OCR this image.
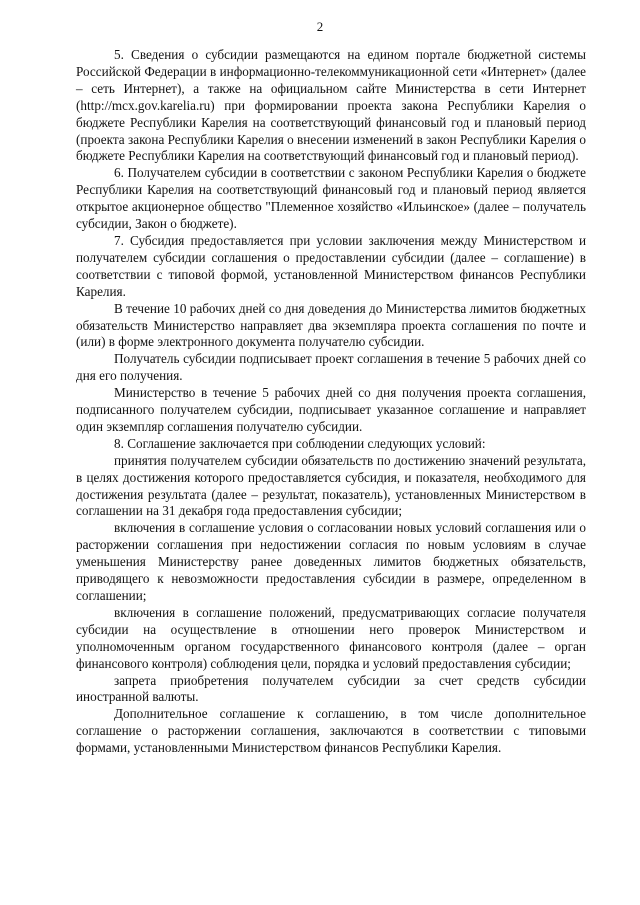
2

5. Сведения о субсидии размещаются на едином портале бюджетной системы Российской Федерации в информационно-телекоммуникационной сети «Интернет» (далее – сеть Интернет), а также на официальном сайте Министерства в сети Интернет (http://mcx.gov.karelia.ru) при формировании проекта закона Республики Карелия о бюджете Республики Карелия на соответствующий финансовый год и плановый период (проекта закона Республики Карелия о внесении изменений в закон Республики Карелия о бюджете Республики Карелия на соответствующий финансовый год и плановый период).

6. Получателем субсидии в соответствии с законом Республики Карелия о бюджете Республики Карелия на соответствующий финансовый год и плановый период является открытое акционерное общество "Племенное хозяйство «Ильинское» (далее – получатель субсидии, Закон о бюджете).

7. Субсидия предоставляется при условии заключения между Министерством и получателем субсидии соглашения о предоставлении субсидии (далее – соглашение) в соответствии с типовой формой, установленной Министерством финансов Республики Карелия.

В течение 10 рабочих дней со дня доведения до Министерства лимитов бюджетных обязательств Министерство направляет два экземпляра проекта соглашения по почте и (или) в форме электронного документа получателю субсидии.

Получатель субсидии подписывает проект соглашения в течение 5 рабочих дней со дня его получения.

Министерство в течение 5 рабочих дней со дня получения проекта соглашения, подписанного получателем субсидии, подписывает указанное соглашение и направляет один экземпляр соглашения получателю субсидии.

8. Соглашение заключается при соблюдении следующих условий:

принятия получателем субсидии обязательств по достижению значений результата, в целях достижения которого предоставляется субсидия, и показателя, необходимого для достижения результата (далее – результат, показатель), установленных Министерством в соглашении на 31 декабря года предоставления субсидии;

включения в соглашение условия о согласовании новых условий соглашения или о расторжении соглашения при недостижении согласия по новым условиям в случае уменьшения Министерству ранее доведенных лимитов бюджетных обязательств, приводящего к невозможности предоставления субсидии в размере, определенном в соглашении;

включения в соглашение положений, предусматривающих согласие получателя субсидии на осуществление в отношении него проверок Министерством и уполномоченным органом государственного финансового контроля (далее – орган финансового контроля) соблюдения цели, порядка и условий предоставления субсидии;

запрета приобретения получателем субсидии за счет средств субсидии иностранной валюты.

Дополнительное соглашение к соглашению, в том числе дополнительное соглашение о расторжении соглашения, заключаются в соответствии с типовыми формами, установленными Министерством финансов Республики Карелия.
